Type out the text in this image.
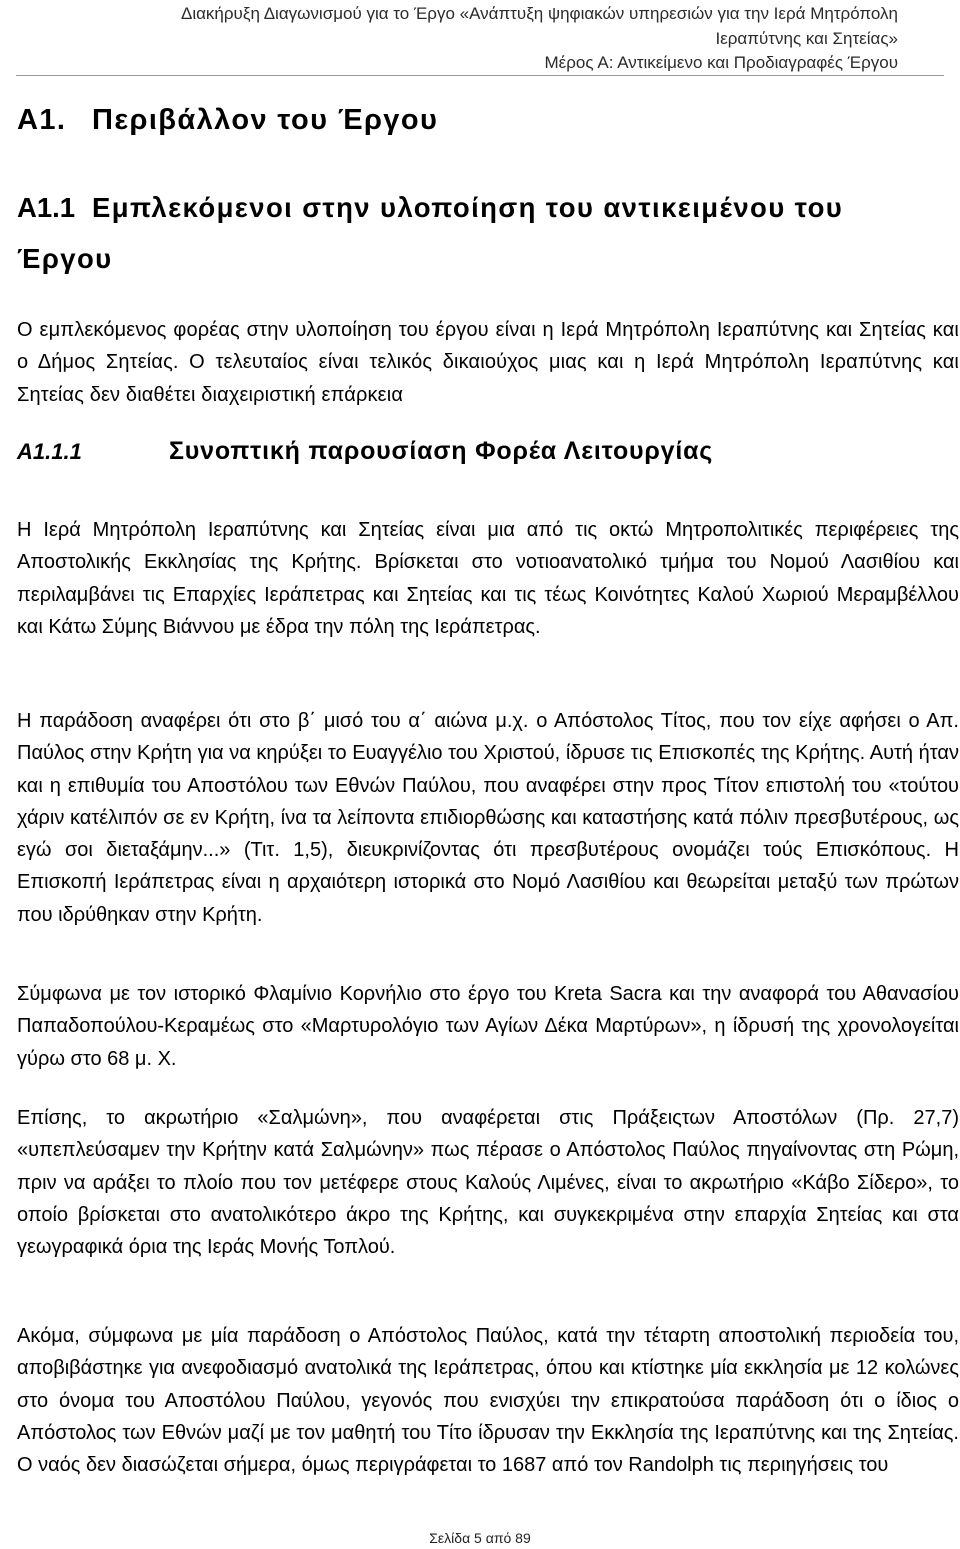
Διακήρυξη Διαγωνισμού για το Έργο «Ανάπτυξη ψηφιακών υπηρεσιών για την Ιερά Μητρόπολη
Ιεραπύτνης και Σητείας»
Μέρος Α: Αντικείμενο και Προδιαγραφές Έργου
Α1. Περιβάλλον του Έργου
Α1.1 Εμπλεκόμενοι στην υλοποίηση του αντικειμένου του Έργου

Ο εμπλεκόμενος φορέας στην υλοποίηση του έργου είναι η Ιερά Μητρόπολη Ιεραπύτνης και Σητείας και ο Δήμος Σητείας. Ο τελευταίος είναι τελικός δικαιούχος μιας και η Ιερά Μητρόπολη Ιεραπύτνης και Σητείας δεν διαθέτει διαχειριστική επάρκεια

Α1.1.1	Συνοπτική παρουσίαση Φορέα Λειτουργίας

Η Ιερά Μητρόπολη Ιεραπύτνης και Σητείας είναι μια από τις οκτώ Μητροπολιτικές περιφέρειες της Αποστολικής Εκκλησίας της Κρήτης. Βρίσκεται στο νοτιοανατολικό τμήμα του Νομού Λασιθίου και περιλαμβάνει τις Επαρχίες Ιεράπετρας και Σητείας και τις τέως Κοινότητες Καλού Χωριού Μεραμβέλλου και Κάτω Σύμης Βιάννου με έδρα την πόλη της Ιεράπετρας.

Η παράδοση αναφέρει ότι στο β΄ μισό του α΄ αιώνα μ.χ. ο Απόστολος Τίτος, που τον είχε αφήσει ο Απ. Παύλος στην Κρήτη για να κηρύξει το Ευαγγέλιο του Χριστού, ίδρυσε τις Επισκοπές της Κρήτης. Αυτή ήταν και η επιθυμία του Αποστόλου των Εθνών Παύλου, που αναφέρει στην προς Τίτον επιστολή του «τούτου χάριν κατέλιπόν σε εν Κρήτη, ίνα τα λείποντα επιδιορθώσης και καταστήσης κατά πόλιν πρεσβυτέρους, ως εγώ σοι διεταξάμην...» (Τιτ. 1,5), διευκρινίζοντας ότι πρεσβυτέρους ονομάζει τούς Επισκόπους. Η Επισκοπή Ιεράπετρας είναι η αρχαιότερη ιστορικά στο Νομό Λασιθίου και θεωρείται μεταξύ των πρώτων που ιδρύθηκαν στην Κρήτη.

Σύμφωνα με τον ιστορικό Φλαμίνιο Κορνήλιο στο έργο του Kreta Sacra και την αναφορά του Αθανασίου Παπαδοπούλου-Κεραμέως στο «Μαρτυρολόγιο των Αγίων Δέκα Μαρτύρων», η ίδρυσή της χρονολογείται γύρω στο 68 μ. Χ.

Επίσης, το ακρωτήριο «Σαλμώνη», που αναφέρεται στις Πράξειςτων Αποστόλων (Πρ. 27,7) «υπεπλεύσαμεν την Κρήτην κατά Σαλμώνην» πως πέρασε ο Απόστολος Παύλος πηγαίνοντας στη Ρώμη, πριν να αράξει το πλοίο που τον μετέφερε στους Καλούς Λιμένες, είναι το ακρωτήριο «Κάβο Σίδερο», το οποίο βρίσκεται στο ανατολικότερο άκρο της Κρήτης, και συγκεκριμένα στην επαρχία Σητείας και στα γεωγραφικά όρια της Ιεράς Μονής Τοπλού.

Ακόμα, σύμφωνα με μία παράδοση ο Απόστολος Παύλος, κατά την τέταρτη αποστολική περιοδεία του, αποβιβάστηκε για ανεφοδιασμό ανατολικά της Ιεράπετρας, όπου και κτίστηκε μία εκκλησία με 12 κολώνες στο όνομα του Αποστόλου Παύλου, γεγονός που ενισχύει την επικρατούσα παράδοση ότι ο ίδιος ο Απόστολος των Εθνών μαζί με τον μαθητή του Τίτο ίδρυσαν την Εκκλησία της Ιεραπύτνης και της Σητείας. Ο ναός δεν διασώζεται σήμερα, όμως περιγράφεται το 1687 από τον Randolph τις περιηγήσεις του

Σελίδα 5 από 89
